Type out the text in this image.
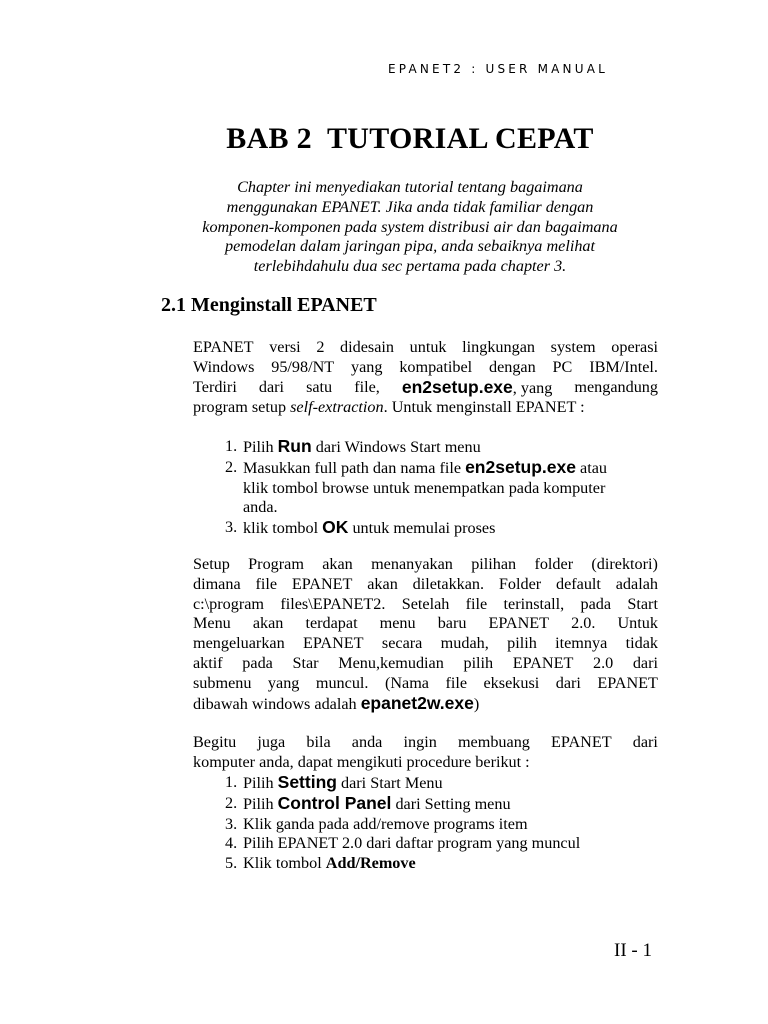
EPANET2 : USER MANUAL
BAB 2  TUTORIAL CEPAT
Chapter ini menyediakan tutorial tentang bagaimana
menggunakan EPANET. Jika anda tidak familiar dengan
komponen-komponen pada system distribusi air dan bagaimana
pemodelan dalam jaringan pipa, anda sebaiknya melihat
terlebihdahulu dua sec pertama pada chapter 3.
2.1 Menginstall EPANET
EPANET versi 2 didesain untuk lingkungan system operasi
Windows 95/98/NT yang kompatibel dengan PC IBM/Intel.
Terdiri dari satu file, en2setup.exe, yang mengandung
program setup self-extraction. Untuk menginstall EPANET :
1. Pilih Run dari Windows Start menu
2. Masukkan full path dan nama file en2setup.exe atau
klik tombol browse untuk menempatkan pada komputer
anda.
3. klik tombol OK untuk memulai proses
Setup Program akan menanyakan pilihan folder (direktori)
dimana file EPANET akan diletakkan. Folder default adalah
c:\program files\EPANET2. Setelah file terinstall, pada Start
Menu akan terdapat menu baru EPANET 2.0. Untuk
mengeluarkan EPANET secara mudah, pilih itemnya tidak
aktif pada Star Menu,kemudian pilih EPANET 2.0 dari
submenu yang muncul. (Nama file eksekusi dari EPANET
dibawah windows adalah epanet2w.exe)
Begitu juga bila anda ingin membuang EPANET dari
komputer anda, dapat mengikuti procedure berikut :
1. Pilih Setting dari Start Menu
2. Pilih Control Panel dari Setting menu
3. Klik ganda pada add/remove programs item
4. Pilih EPANET 2.0 dari daftar program yang muncul
5. Klik tombol Add/Remove
II - 1
